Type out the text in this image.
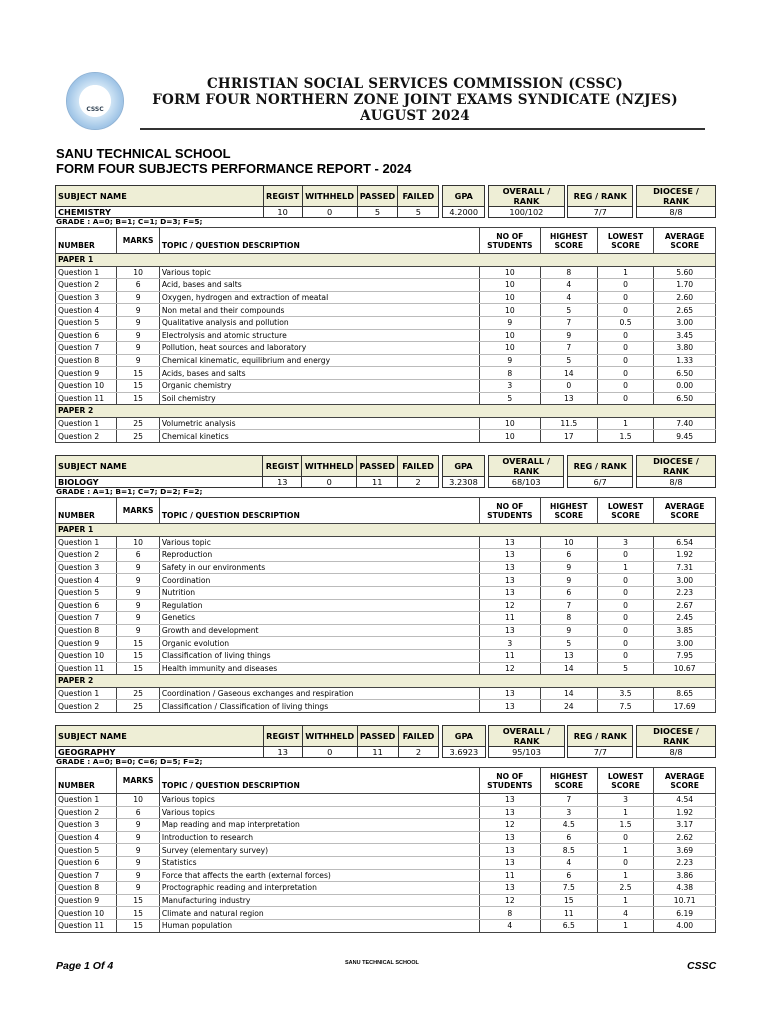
CSSC
CHRISTIAN SOCIAL SERVICES COMMISSION (CSSC)
FORM FOUR NORTHERN ZONE JOINT EXAMS SYNDICATE (NZJES)
AUGUST 2024
SANU TECHNICAL SCHOOL
FORM FOUR SUBJECTS PERFORMANCE REPORT - 2024
SUBJECT NAME	REGIST	WITHHELD	PASSED	FAILED		GPA		OVERALL / RANK		REG / RANK		DIOCESE / RANK
CHEMISTRY	10	0	5	5		4.2000		100/102		7/7		8/8
GRADE : A=0; B=1; C=1; D=3; F=5;
NUMBER	MARKS	TOPIC / QUESTION DESCRIPTION	NO OF STUDENTS	HIGHEST SCORE	LOWEST SCORE	AVERAGE SCORE
PAPER 1						
Question 1	10	Various topic	10	8	1	5.60
Question 2	6	Acid, bases and salts	10	4	0	1.70
Question 3	9	Oxygen, hydrogen and extraction of meatal	10	4	0	2.60
Question 4	9	Non metal and their compounds	10	5	0	2.65
Question 5	9	Qualitative analysis and pollution	9	7	0.5	3.00
Question 6	9	Electrolysis and atomic structure	10	9	0	3.45
Question 7	9	Pollution, heat sources and laboratory	10	7	0	3.80
Question 8	9	Chemical kinematic, equilibrium and energy	9	5	0	1.33
Question 9	15	Acids, bases and salts	8	14	0	6.50
Question 10	15	Organic chemistry	3	0	0	0.00
Question 11	15	Soil chemistry	5	13	0	6.50
PAPER 2						
Question 1	25	Volumetric analysis	10	11.5	1	7.40
Question 2	25	Chemical kinetics	10	17	1.5	9.45
SUBJECT NAME	REGIST	WITHHELD	PASSED	FAILED		GPA		OVERALL / RANK		REG / RANK		DIOCESE / RANK
BIOLOGY	13	0	11	2		3.2308		68/103		6/7		8/8
GRADE : A=1; B=1; C=7; D=2; F=2;
NUMBER	MARKS	TOPIC / QUESTION DESCRIPTION	NO OF STUDENTS	HIGHEST SCORE	LOWEST SCORE	AVERAGE SCORE
PAPER 1						
Question 1	10	Various topic	13	10	3	6.54
Question 2	6	Reproduction	13	6	0	1.92
Question 3	9	Safety in our environments	13	9	1	7.31
Question 4	9	Coordination	13	9	0	3.00
Question 5	9	Nutrition	13	6	0	2.23
Question 6	9	Regulation	12	7	0	2.67
Question 7	9	Genetics	11	8	0	2.45
Question 8	9	Growth and development	13	9	0	3.85
Question 9	15	Organic evolution	3	5	0	3.00
Question 10	15	Classification of living things	11	13	0	7.95
Question 11	15	Health immunity and diseases	12	14	5	10.67
PAPER 2						
Question 1	25	Coordination / Gaseous exchanges and respiration	13	14	3.5	8.65
Question 2	25	Classification / Classification of living things	13	24	7.5	17.69
SUBJECT NAME	REGIST	WITHHELD	PASSED	FAILED		GPA		OVERALL / RANK		REG / RANK		DIOCESE / RANK
GEOGRAPHY	13	0	11	2		3.6923		95/103		7/7		8/8
GRADE : A=0; B=0; C=6; D=5; F=2;
NUMBER	MARKS	TOPIC / QUESTION DESCRIPTION	NO OF STUDENTS	HIGHEST SCORE	LOWEST SCORE	AVERAGE SCORE
Question 1	10	Various topics	13	7	3	4.54
Question 2	6	Various topics	13	3	1	1.92
Question 3	9	Map reading and map interpretation	12	4.5	1.5	3.17
Question 4	9	Introduction to research	13	6	0	2.62
Question 5	9	Survey (elementary survey)	13	8.5	1	3.69
Question 6	9	Statistics	13	4	0	2.23
Question 7	9	Force that affects the earth (external forces)	11	6	1	3.86
Question 8	9	Proctographic reading and interpretation	13	7.5	2.5	4.38
Question 9	15	Manufacturing industry	12	15	1	10.71
Question 10	15	Climate and natural region	8	11	4	6.19
Question 11	15	Human population	4	6.5	1	4.00
Page 1 Of 4	SANU TECHNICAL SCHOOL	CSSC
